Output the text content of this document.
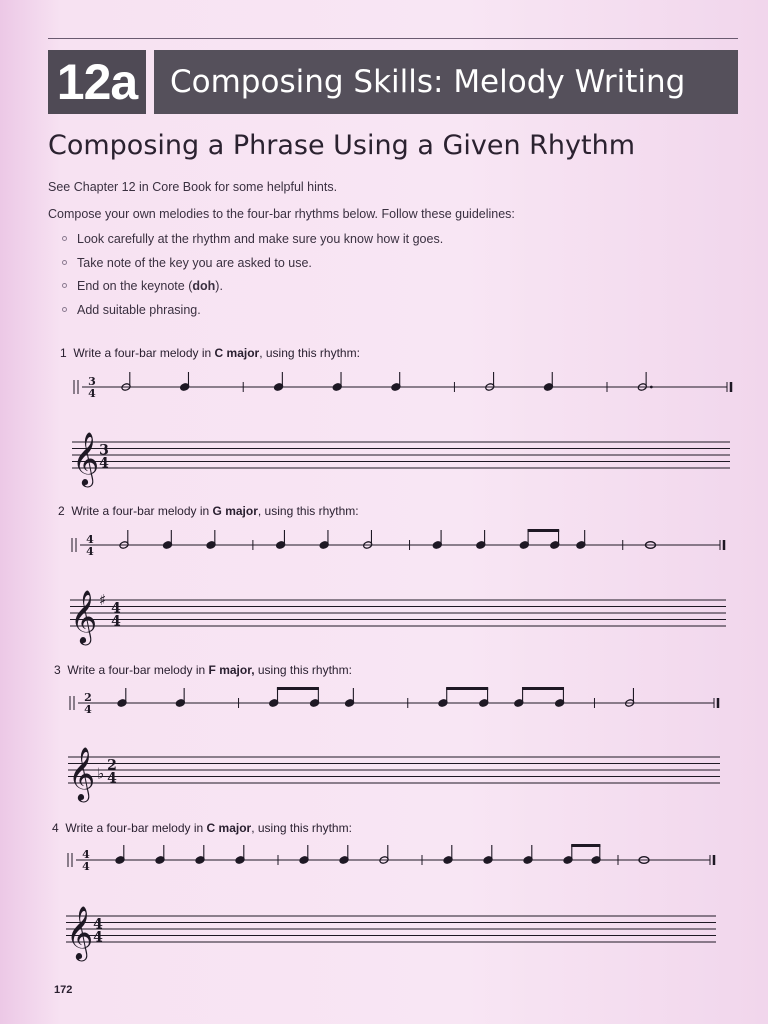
12a	Composing Skills: Melody Writing
Composing a Phrase Using a Given Rhythm
See Chapter 12 in Core Book for some helpful hints.
Compose your own melodies to the four-bar rhythms below. Follow these guidelines:
Look carefully at the rhythm and make sure you know how it goes.
Take note of the key you are asked to use.
End on the keynote (doh).
Add suitable phrasing.
1 Write a four-bar melody in C major, using this rhythm:
3
4
𝄞 3
4
2 Write a four-bar melody in G major, using this rhythm:
4
4
𝄞 ♯ 4
4
3 Write a four-bar melody in F major, using this rhythm:
2
4
𝄞 ♭ 2
4
4 Write a four-bar melody in C major, using this rhythm:
4
4
𝄞 4
4
172
